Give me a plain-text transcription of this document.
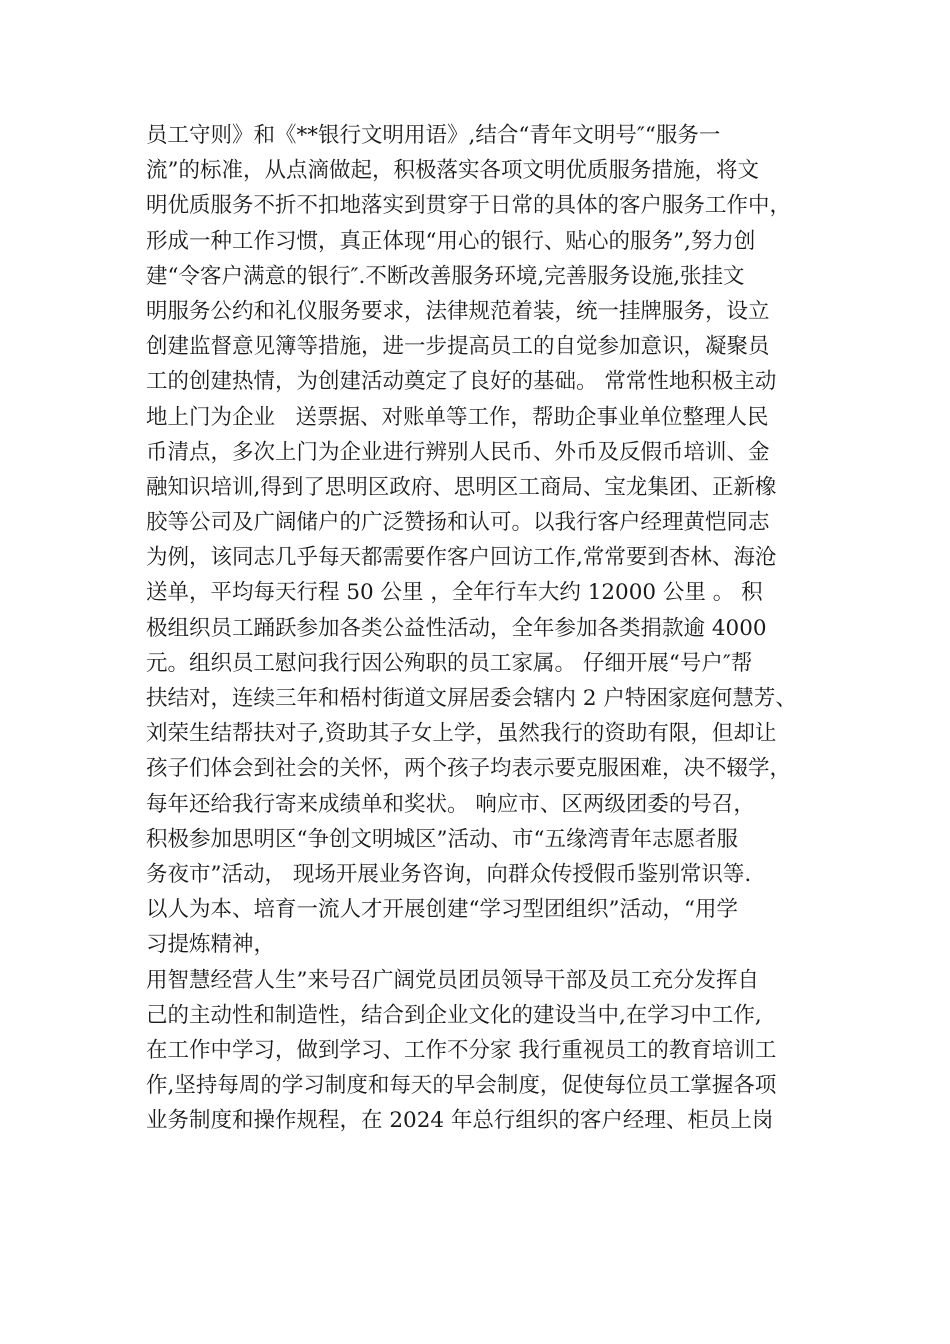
员工守则》和《**银行文明用语》,结合“青年文明号″“服务一
流”的标准，从点滴做起，积极落实各项文明优质服务措施，将文
明优质服务不折不扣地落实到贯穿于日常的具体的客户服务工作中，
形成一种工作习惯，真正体现“用心的银行、贴心的服务”,努力创
建“令客户满意的银行″.不断改善服务环境,完善服务设施,张挂文
明服务公约和礼仪服务要求，法律规范着装，统一挂牌服务，设立
创建监督意见簿等措施，进一步提高员工的自觉参加意识，凝聚员
工的创建热情，为创建活动奠定了良好的基础。 常常性地积极主动
地上门为企业   送票据、对账单等工作，帮助企事业单位整理人民
币清点，多次上门为企业进行辨别人民币、外币及反假币培训、金
融知识培训,得到了思明区政府、思明区工商局、宝龙集团、正新橡
胶等公司及广阔储户的广泛赞扬和认可。以我行客户经理黄恺同志
为例，该同志几乎每天都需要作客户回访工作,常常要到杏林、海沧
送单，平均每天行程 50 公里 ，全年行车大约 12000 公里 。 积
极组织员工踊跃参加各类公益性活动，全年参加各类捐款逾 4000
元。组织员工慰问我行因公殉职的员工家属。 仔细开展“号户″帮
扶结对，连续三年和梧村街道文屏居委会辖内 2 户特困家庭何慧芳、
刘荣生结帮扶对子,资助其子女上学，虽然我行的资助有限，但却让
孩子们体会到社会的关怀，两个孩子均表示要克服困难，决不辍学，
每年还给我行寄来成绩单和奖状。 响应市、区两级团委的号召，
积极参加思明区“争创文明城区”活动、市“五缘湾青年志愿者服
务夜市”活动， 现场开展业务咨询，向群众传授假币鉴别常识等.
以人为本、培育一流人才开展创建“学习型团组织”活动，“用学
习提炼精神，
用智慧经营人生”来号召广阔党员团员领导干部及员工充分发挥自
己的主动性和制造性，结合到企业文化的建设当中,在学习中工作,
在工作中学习，做到学习、工作不分家 我行重视员工的教育培训工
作,坚持每周的学习制度和每天的早会制度，促使每位员工掌握各项
业务制度和操作规程，在 2024 年总行组织的客户经理、柜员上岗
